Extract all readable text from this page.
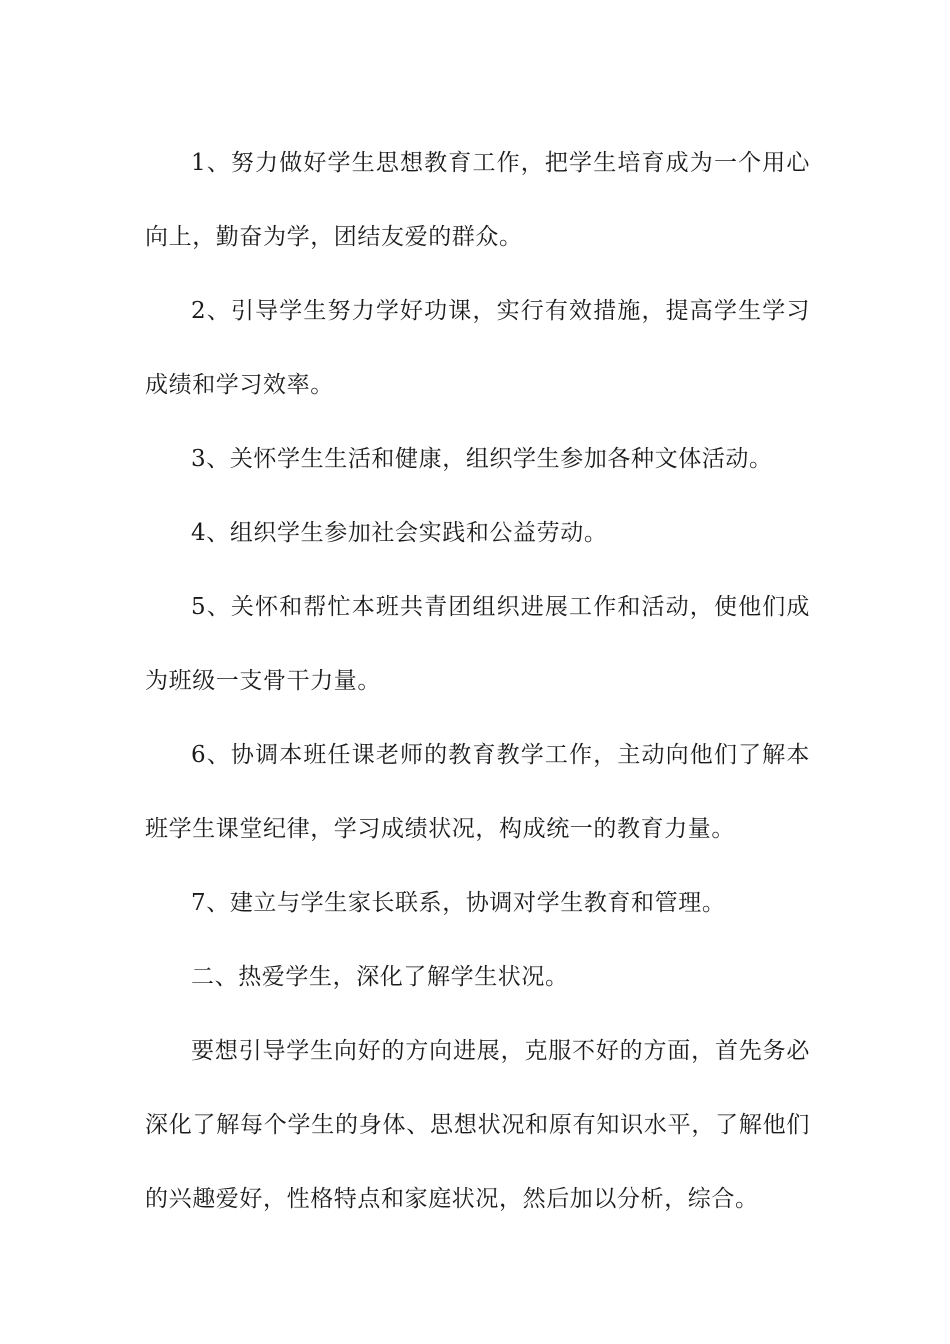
1、努力做好学生思想教育工作，把学生培育成为一个用心向上，勤奋为学，团结友爱的群众。

2、引导学生努力学好功课，实行有效措施，提高学生学习成绩和学习效率。

3、关怀学生生活和健康，组织学生参加各种文体活动。

4、组织学生参加社会实践和公益劳动。

5、关怀和帮忙本班共青团组织进展工作和活动，使他们成为班级一支骨干力量。

6、协调本班任课老师的教育教学工作，主动向他们了解本班学生课堂纪律，学习成绩状况，构成统一的教育力量。

7、建立与学生家长联系，协调对学生教育和管理。

二、热爱学生，深化了解学生状况。

要想引导学生向好的方向进展，克服不好的方面，首先务必深化了解每个学生的身体、思想状况和原有知识水平，了解他们的兴趣爱好，性格特点和家庭状况，然后加以分析，综合。
